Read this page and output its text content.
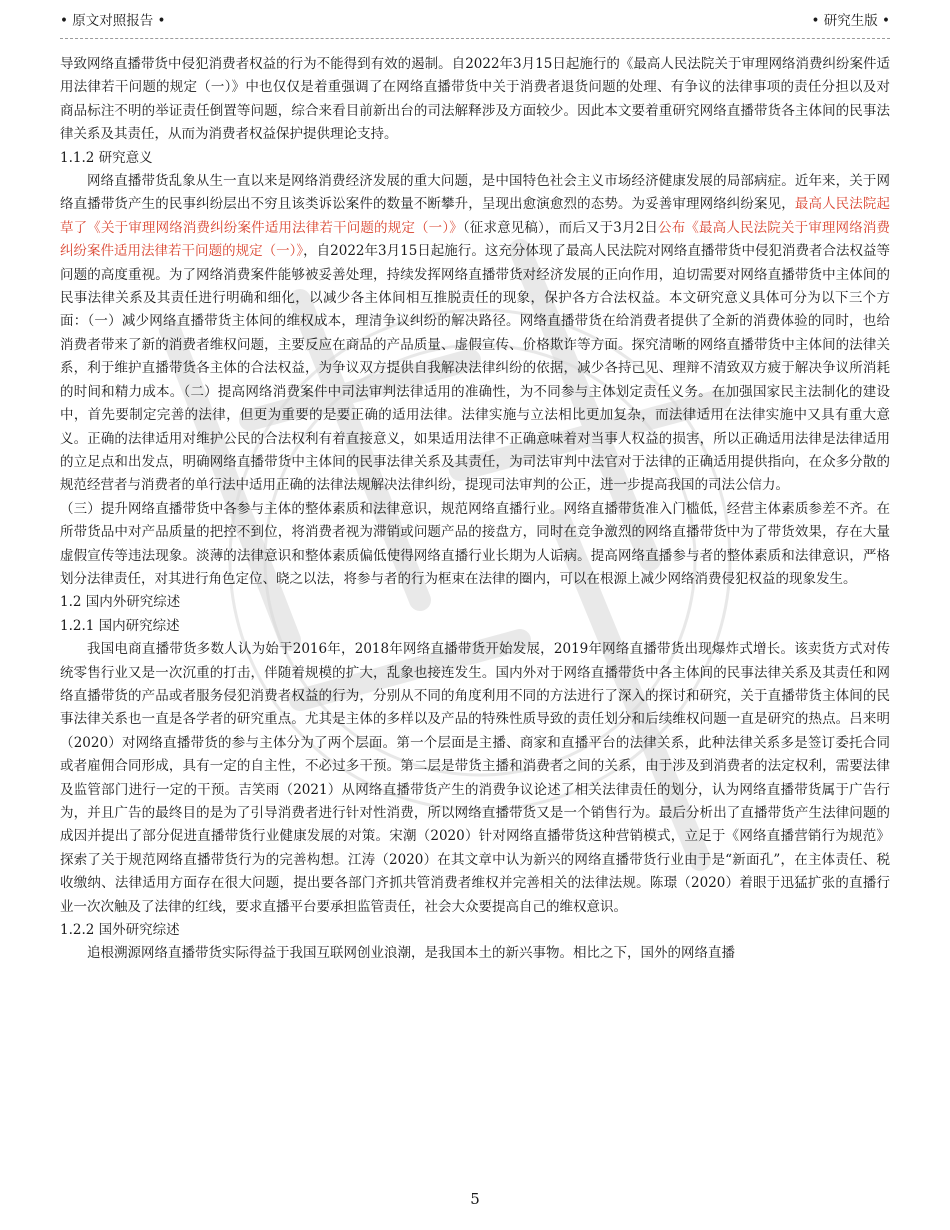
• 原文对照报告 •	• 研究生版 •

导致网络直播带货中侵犯消费者权益的行为不能得到有效的遏制。自2022年3月15日起施行的《最高人民法院关于审理网络消费纠纷案件适用法律若干问题的规定（一）》中也仅仅是着重强调了在网络直播带货中关于消费者退货问题的处理、有争议的法律事项的责任分担以及对商品标注不明的举证责任倒置等问题，综合来看目前新出台的司法解释涉及方面较少。因此本文要着重研究网络直播带货各主体间的民事法律关系及其责任，从而为消费者权益保护提供理论支持。

1.1.2 研究意义

网络直播带货乱象从生一直以来是网络消费经济发展的重大问题，是中国特色社会主义市场经济健康发展的局部病症。近年来，关于网络直播带货产生的民事纠纷层出不穷且该类诉讼案件的数量不断攀升，呈现出愈演愈烈的态势。为妥善审理网络纠纷案见，最高人民法院起草了《关于审理网络消费纠纷案件适用法律若干问题的规定（一）》（征求意见稿），而后又于3月2日公布《最高人民法院关于审理网络消费纠纷案件适用法律若干问题的规定（一）》，自2022年3月15日起施行。这充分体现了最高人民法院对网络直播带货中侵犯消费者合法权益等问题的高度重视。为了网络消费案件能够被妥善处理，持续发挥网络直播带货对经济发展的正向作用，迫切需要对网络直播带货中主体间的民事法律关系及其责任进行明确和细化，以减少各主体间相互推脱责任的现象，保护各方合法权益。本文研究意义具体可分为以下三个方面：（一）减少网络直播带货主体间的维权成本，理清争议纠纷的解决路径。网络直播带货在给消费者提供了全新的消费体验的同时，也给消费者带来了新的消费者维权问题，主要反应在商品的产品质量、虚假宣传、价格欺诈等方面。探究清晰的网络直播带货中主体间的法律关系，利于维护直播带货各主体的合法权益，为争议双方提供自我解决法律纠纷的依据，减少各持己见、理辩不清致双方疲于解决争议所消耗的时间和精力成本。（二）提高网络消费案件中司法审判法律适用的准确性，为不同参与主体划定责任义务。在加强国家民主法制化的建设中，首先要制定完善的法律，但更为重要的是要正确的适用法律。法律实施与立法相比更加复杂，而法律适用在法律实施中又具有重大意义。正确的法律适用对维护公民的合法权利有着直接意义，如果适用法律不正确意味着对当事人权益的损害，所以正确适用法律是法律适用的立足点和出发点，明确网络直播带货中主体间的民事法律关系及其责任，为司法审判中法官对于法律的正确适用提供指向，在众多分散的规范经营者与消费者的单行法中适用正确的法律法规解决法律纠纷，提现司法审判的公正，进一步提高我国的司法公信力。

（三）提升网络直播带货中各参与主体的整体素质和法律意识，规范网络直播行业。网络直播带货准入门槛低，经营主体素质参差不齐。在所带货品中对产品质量的把控不到位，将消费者视为滞销或问题产品的接盘方，同时在竞争激烈的网络直播带货中为了带货效果，存在大量虚假宣传等违法现象。淡薄的法律意识和整体素质偏低使得网络直播行业长期为人诟病。提高网络直播参与者的整体素质和法律意识，严格划分法律责任，对其进行角色定位、晓之以法，将参与者的行为框束在法律的圈内，可以在根源上减少网络消费侵犯权益的现象发生。

1.2 国内外研究综述

1.2.1 国内研究综述

我国电商直播带货多数人认为始于2016年，2018年网络直播带货开始发展，2019年网络直播带货出现爆炸式增长。该卖货方式对传统零售行业又是一次沉重的打击，伴随着规模的扩大，乱象也接连发生。国内外对于网络直播带货中各主体间的民事法律关系及其责任和网络直播带货的产品或者服务侵犯消费者权益的行为，分别从不同的角度利用不同的方法进行了深入的探讨和研究，关于直播带货主体间的民事法律关系也一直是各学者的研究重点。尤其是主体的多样以及产品的特殊性质导致的责任划分和后续维权问题一直是研究的热点。吕来明（2020）对网络直播带货的参与主体分为了两个层面。第一个层面是主播、商家和直播平台的法律关系，此种法律关系多是签订委托合同或者雇佣合同形成，具有一定的自主性，不必过多干预。第二层是带货主播和消费者之间的关系，由于涉及到消费者的法定权利，需要法律及监管部门进行一定的干预。吉笑雨（2021）从网络直播带货产生的消费争议论述了相关法律责任的划分，认为网络直播带货属于广告行为，并且广告的最终目的是为了引导消费者进行针对性消费，所以网络直播带货又是一个销售行为。最后分析出了直播带货产生法律问题的成因并提出了部分促进直播带货行业健康发展的对策。宋潮（2020）针对网络直播带货这种营销模式，立足于《网络直播营销行为规范》探索了关于规范网络直播带货行为的完善构想。江涛（2020）在其文章中认为新兴的网络直播带货行业由于是“新面孔”，在主体责任、税收缴纳、法律适用方面存在很大问题，提出要各部门齐抓共管消费者维权并完善相关的法律法规。陈璟（2020）着眼于迅猛扩张的直播行业一次次触及了法律的红线，要求直播平台要承担监管责任，社会大众要提高自己的维权意识。

1.2.2 国外研究综述

追根溯源网络直播带货实际得益于我国互联网创业浪潮，是我国本土的新兴事物。相比之下，国外的网络直播

5
